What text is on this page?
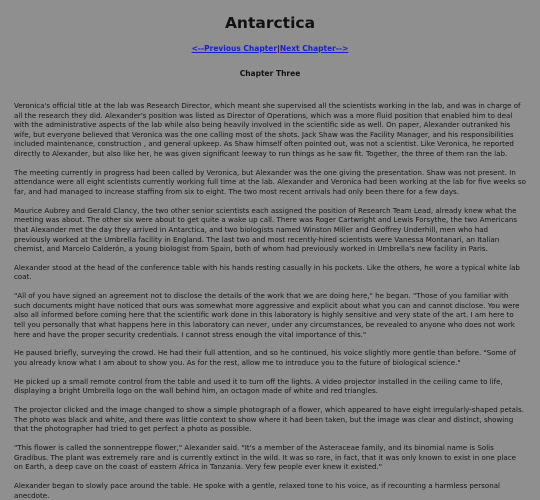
Antarctica
<--Previous Chapter|Next Chapter-->
Chapter Three

Veronica's official title at the lab was Research Director, which meant she supervised all the scientists working in the lab, and was in charge of all the research they did. Alexander's position was listed as Director of Operations, which was a more fluid position that enabled him to deal with the administrative aspects of the lab while also being heavily involved in the scientific side as well. On paper, Alexander outranked his wife, but everyone believed that Veronica was the one calling most of the shots. Jack Shaw was the Facility Manager, and his responsibilities included maintenance, construction , and general upkeep. As Shaw himself often pointed out, was not a scientist. Like Veronica, he reported directly to Alexander, but also like her, he was given significant leeway to run things as he saw fit. Together, the three of them ran the lab.

The meeting currently in progress had been called by Veronica, but Alexander was the one giving the presentation. Shaw was not present. In attendance were all eight scientists currently working full time at the lab. Alexander and Veronica had been working at the lab for five weeks so far, and had managed to increase staffing from six to eight. The two most recent arrivals had only been there for a few days.

Maurice Aubrey and Gerald Clancy, the two other senior scientists each assigned the position of Research Team Lead, already knew what the meeting was about. The other six were about to get quite a wake up call. There was Roger Cartwright and Lewis Forsythe, the two Americans that Alexander met the day they arrived in Antarctica, and two biologists named Winston Miller and Geoffrey Underhill, men who had previously worked at the Umbrella facility in England. The last two and most recently-hired scientists were Vanessa Montanari, an Italian chemist, and Marcelo Calderón, a young biologist from Spain, both of whom had previously worked in Umbrella's new facility in Paris.

Alexander stood at the head of the conference table with his hands resting casually in his pockets. Like the others, he wore a typical white lab coat.

"All of you have signed an agreement not to disclose the details of the work that we are doing here," he began. "Those of you familiar with such documents might have noticed that ours was somewhat more aggressive and explicit about what you can and cannot disclose. You were also all informed before coming here that the scientific work done in this laboratory is highly sensitive and very state of the art. I am here to tell you personally that what happens here in this laboratory can never, under any circumstances, be revealed to anyone who does not work here and have the proper security credentials. I cannot stress enough the vital importance of this."

He paused briefly, surveying the crowd. He had their full attention, and so he continued, his voice slightly more gentle than before. "Some of you already know what I am about to show you. As for the rest, allow me to introduce you to the future of biological science."

He picked up a small remote control from the table and used it to turn off the lights. A video projector installed in the ceiling came to life, displaying a bright Umbrella logo on the wall behind him, an octagon made of white and red triangles.

The projector clicked and the image changed to show a simple photograph of a flower, which appeared to have eight irregularly-shaped petals. The photo was black and white, and there was little context to show where it had been taken, but the image was clear and distinct, showing that the photographer had tried to get perfect a photo as possible.

"This flower is called the sonnentreppe flower," Alexander said. "It's a member of the Asteraceae family, and its binomial name is Solis Gradibus. The plant was extremely rare and is currently extinct in the wild. It was so rare, in fact, that it was only known to exist in one place on Earth, a deep cave on the coast of eastern Africa in Tanzania. Very few people ever knew it existed."

Alexander began to slowly pace around the table. He spoke with a gentle, relaxed tone to his voice, as if recounting a harmless personal anecdote.
